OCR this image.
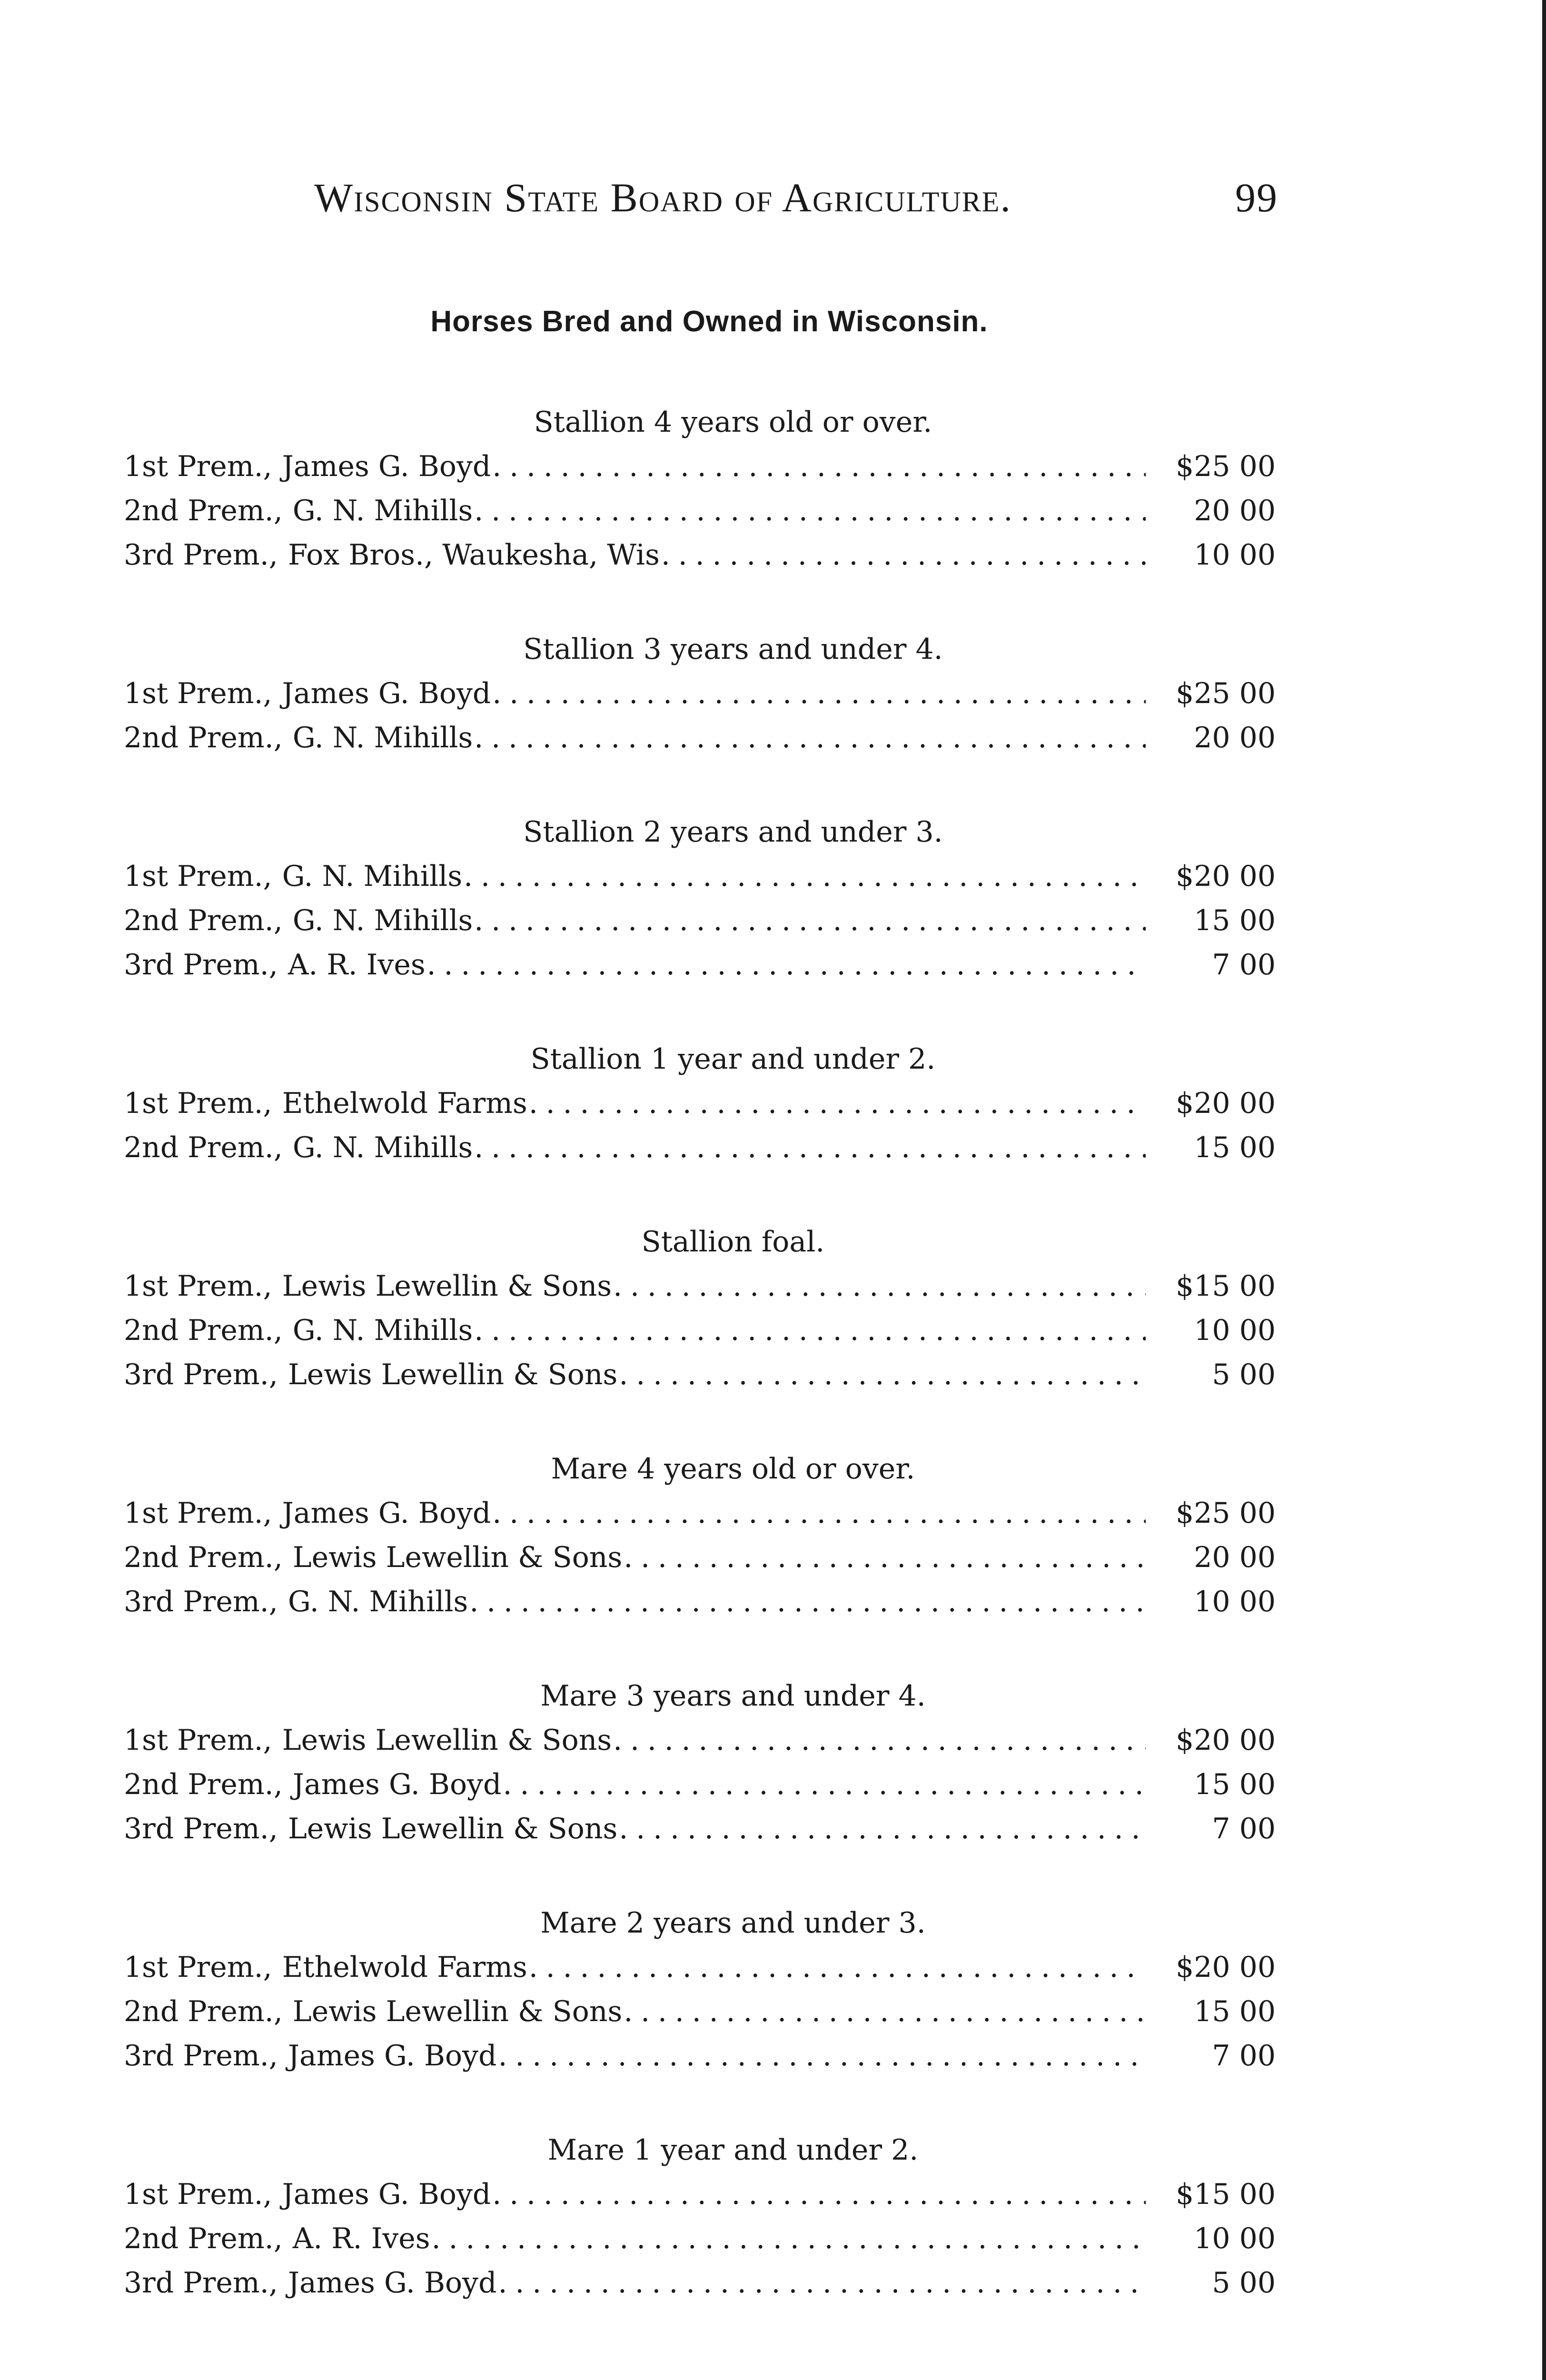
Wisconsin State Board of Agriculture.	99
Horses Bred and Owned in Wisconsin.
Stallion 4 years old or over.
1st Prem., James G. Boyd .....	$25 00
2nd Prem., G. N. Mihills .....	20 00
3rd Prem., Fox Bros., Waukesha, Wis .....	10 00
Stallion 3 years and under 4.
1st Prem., James G. Boyd .....	$25 00
2nd Prem., G. N. Mihills .....	20 00
Stallion 2 years and under 3.
1st Prem., G. N. Mihills .....	$20 00
2nd Prem., G. N. Mihills .....	15 00
3rd Prem., A. R. Ives .....	7 00
Stallion 1 year and under 2.
1st Prem., Ethelwold Farms .....	$20 00
2nd Prem., G. N. Mihills .....	15 00
Stallion foal.
1st Prem., Lewis Lewellin & Sons .....	$15 00
2nd Prem., G. N. Mihills .....	10 00
3rd Prem., Lewis Lewellin & Sons .....	5 00
Mare 4 years old or over.
1st Prem., James G. Boyd .....	$25 00
2nd Prem., Lewis Lewellin & Sons .....	20 00
3rd Prem., G. N. Mihills .....	10 00
Mare 3 years and under 4.
1st Prem., Lewis Lewellin & Sons .....	$20 00
2nd Prem., James G. Boyd .....	15 00
3rd Prem., Lewis Lewellin & Sons .....	7 00
Mare 2 years and under 3.
1st Prem., Ethelwold Farms .....	$20 00
2nd Prem., Lewis Lewellin & Sons .....	15 00
3rd Prem., James G. Boyd .....	7 00
Mare 1 year and under 2.
1st Prem., James G. Boyd .....	$15 00
2nd Prem., A. R. Ives .....	10 00
3rd Prem., James G. Boyd .....	5 00
